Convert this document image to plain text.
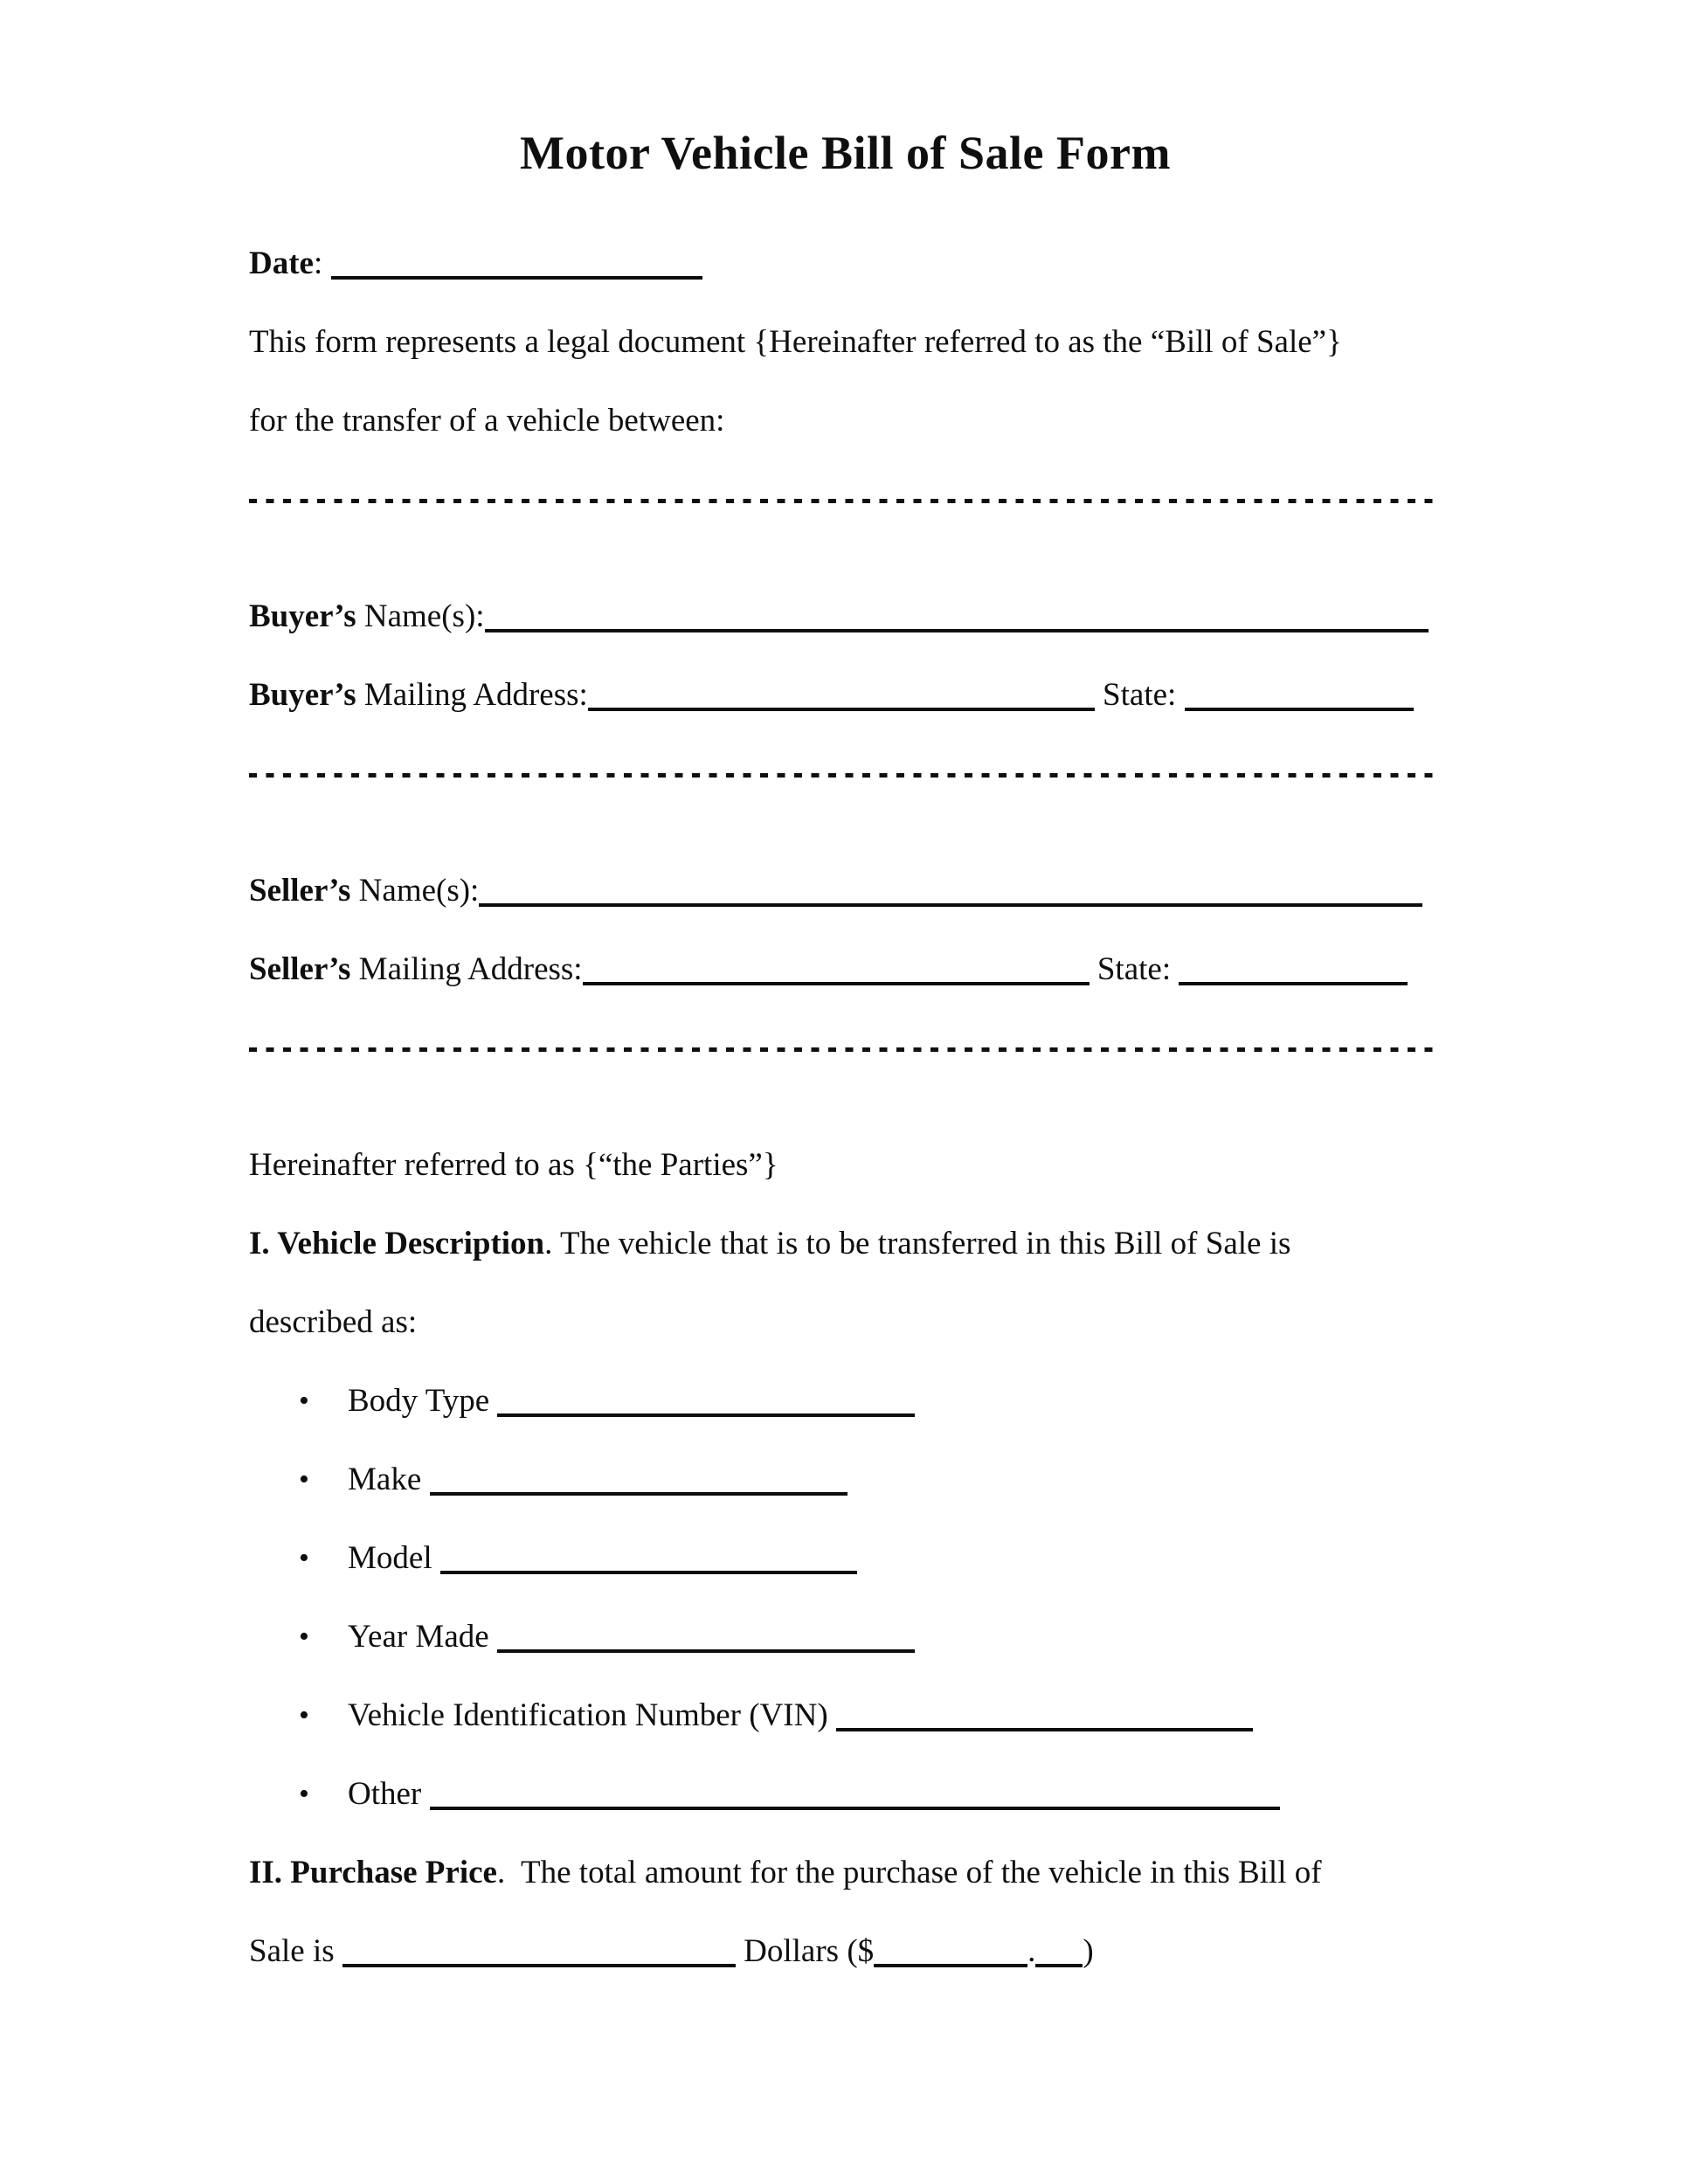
Motor Vehicle Bill of Sale Form
Date:
This form represents a legal document {Hereinafter referred to as the “Bill of Sale”}
for the transfer of a vehicle between:
Buyer’s Name(s):
Buyer’s Mailing Address:	State:
Seller’s Name(s):
Seller’s Mailing Address:	State:
Hereinafter referred to as {“the Parties”}
I. Vehicle Description. The vehicle that is to be transferred in this Bill of Sale is
described as:
• Body Type
• Make
• Model
• Year Made
• Vehicle Identification Number (VIN)
• Other
II. Purchase Price.  The total amount for the purchase of the vehicle in this Bill of
Sale is	Dollars ($	. )
